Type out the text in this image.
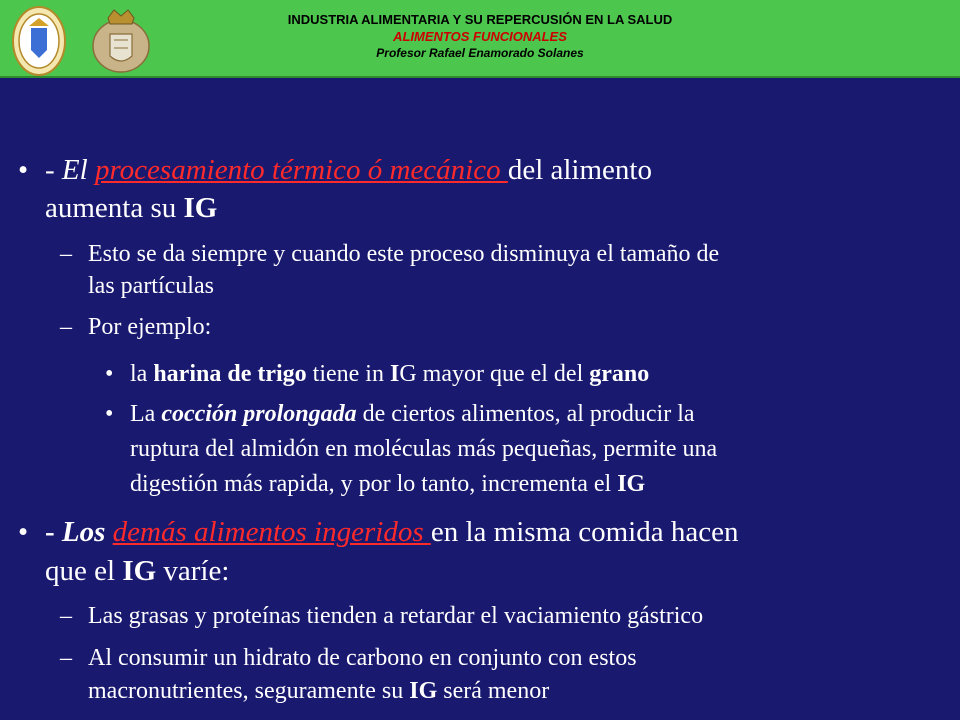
INDUSTRIA ALIMENTARIA Y SU REPERCUSIÓN EN LA SALUD
ALIMENTOS FUNCIONALES
Profesor Rafael Enamorado Solanes
• - El procesamiento térmico ó mecánico del alimento
aumenta su IG
– Esto se da siempre y cuando este proceso disminuya el tamaño de
las partículas
– Por ejemplo:
• la harina de trigo tiene in IG mayor que el del grano
• La cocción prolongada de ciertos alimentos, al producir la
ruptura del almidón en moléculas más pequeñas, permite una
digestión más rapida, y por lo tanto, incrementa el IG
• - Los demás alimentos ingeridos en la misma comida hacen
que el IG varíe:
– Las grasas y proteínas tienden a retardar el vaciamiento gástrico
– Al consumir un hidrato de carbono en conjunto con estos
macronutrientes, seguramente su IG será menor
